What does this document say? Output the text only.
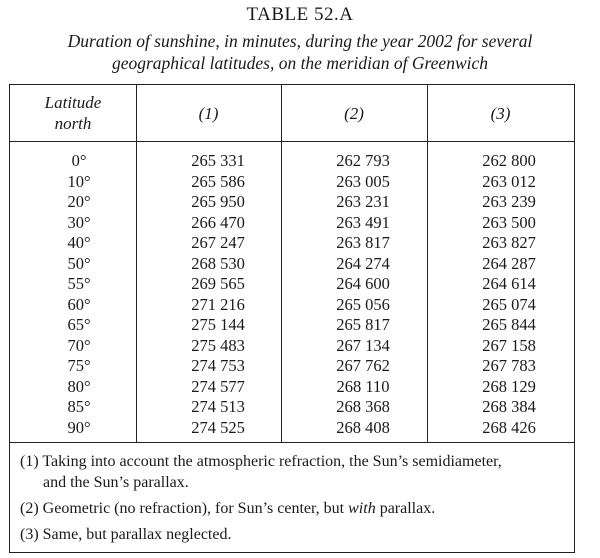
TABLE 52.A
Duration of sunshine, in minutes, during the year 2002 for several
geographical latitudes, on the meridian of Greenwich
Latitude
north
(1)	(2)	(3)
0°
10°
20°
30°
40°
50°
55°
60°
65°
70°
75°
80°
85°
90°
265 331
265 586
265 950
266 470
267 247
268 530
269 565
271 216
275 144
275 483
274 753
274 577
274 513
274 525
262 793
263 005
263 231
263 491
263 817
264 274
264 600
265 056
265 817
267 134
267 762
268 110
268 368
268 408
262 800
263 012
263 239
263 500
263 827
264 287
264 614
265 074
265 844
267 158
267 783
268 129
268 384
268 426
(1) Taking into account the atmospheric refraction, the Sun’s semidiameter,
and the Sun’s parallax.
(2) Geometric (no refraction), for Sun’s center, but with parallax.
(3) Same, but parallax neglected.
